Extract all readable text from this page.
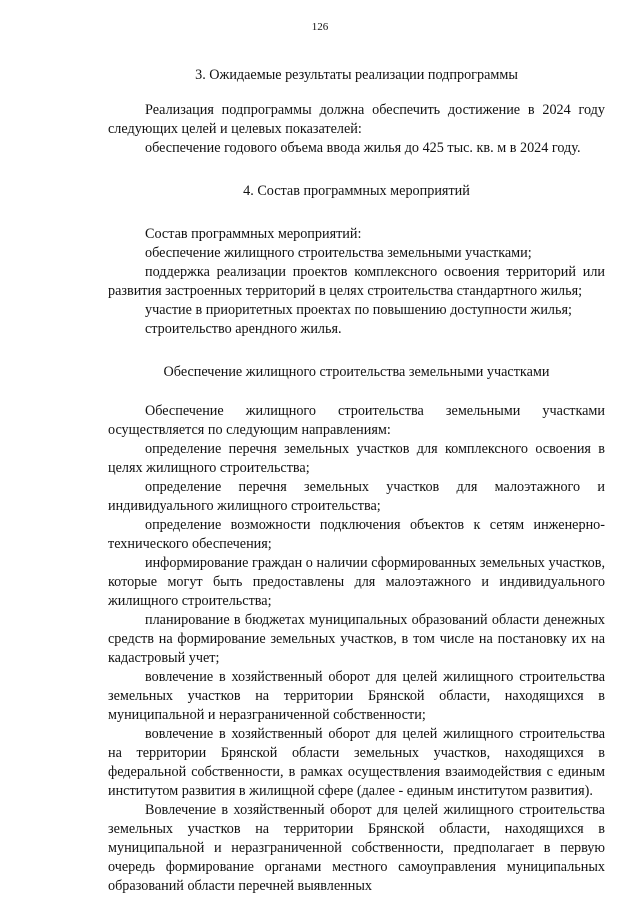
126

3. Ожидаемые результаты реализации подпрограммы

Реализация подпрограммы должна обеспечить достижение в 2024 году следующих целей и целевых показателей:

обеспечение годового объема ввода жилья до 425 тыс. кв. м в 2024 году.

4. Состав программных мероприятий

Состав программных мероприятий:

обеспечение жилищного строительства земельными участками;

поддержка реализации проектов комплексного освоения территорий или развития застроенных территорий в целях строительства стандартного жилья;

участие в приоритетных проектах по повышению доступности жилья;

строительство арендного жилья.

Обеспечение жилищного строительства земельными участками

Обеспечение жилищного строительства земельными участками осуществляется по следующим направлениям:

определение перечня земельных участков для комплексного освоения в целях жилищного строительства;

определение перечня земельных участков для малоэтажного и индивидуального жилищного строительства;

определение возможности подключения объектов к сетям инженерно-технического обеспечения;

информирование граждан о наличии сформированных земельных участков, которые могут быть предоставлены для малоэтажного и индивидуального жилищного строительства;

планирование в бюджетах муниципальных образований области денежных средств на формирование земельных участков, в том числе на постановку их на кадастровый учет;

вовлечение в хозяйственный оборот для целей жилищного строительства земельных участков на территории Брянской области, находящихся в муниципальной и неразграниченной собственности;

вовлечение в хозяйственный оборот для целей жилищного строительства на территории Брянской области земельных участков, находящихся в федеральной собственности, в рамках осуществления взаимодействия с единым институтом развития в жилищной сфере (далее - единым институтом развития).

Вовлечение в хозяйственный оборот для целей жилищного строительства земельных участков на территории Брянской области, находящихся в муниципальной и неразграниченной собственности, предполагает в первую очередь формирование органами местного самоуправления муниципальных образований области перечней выявленных
